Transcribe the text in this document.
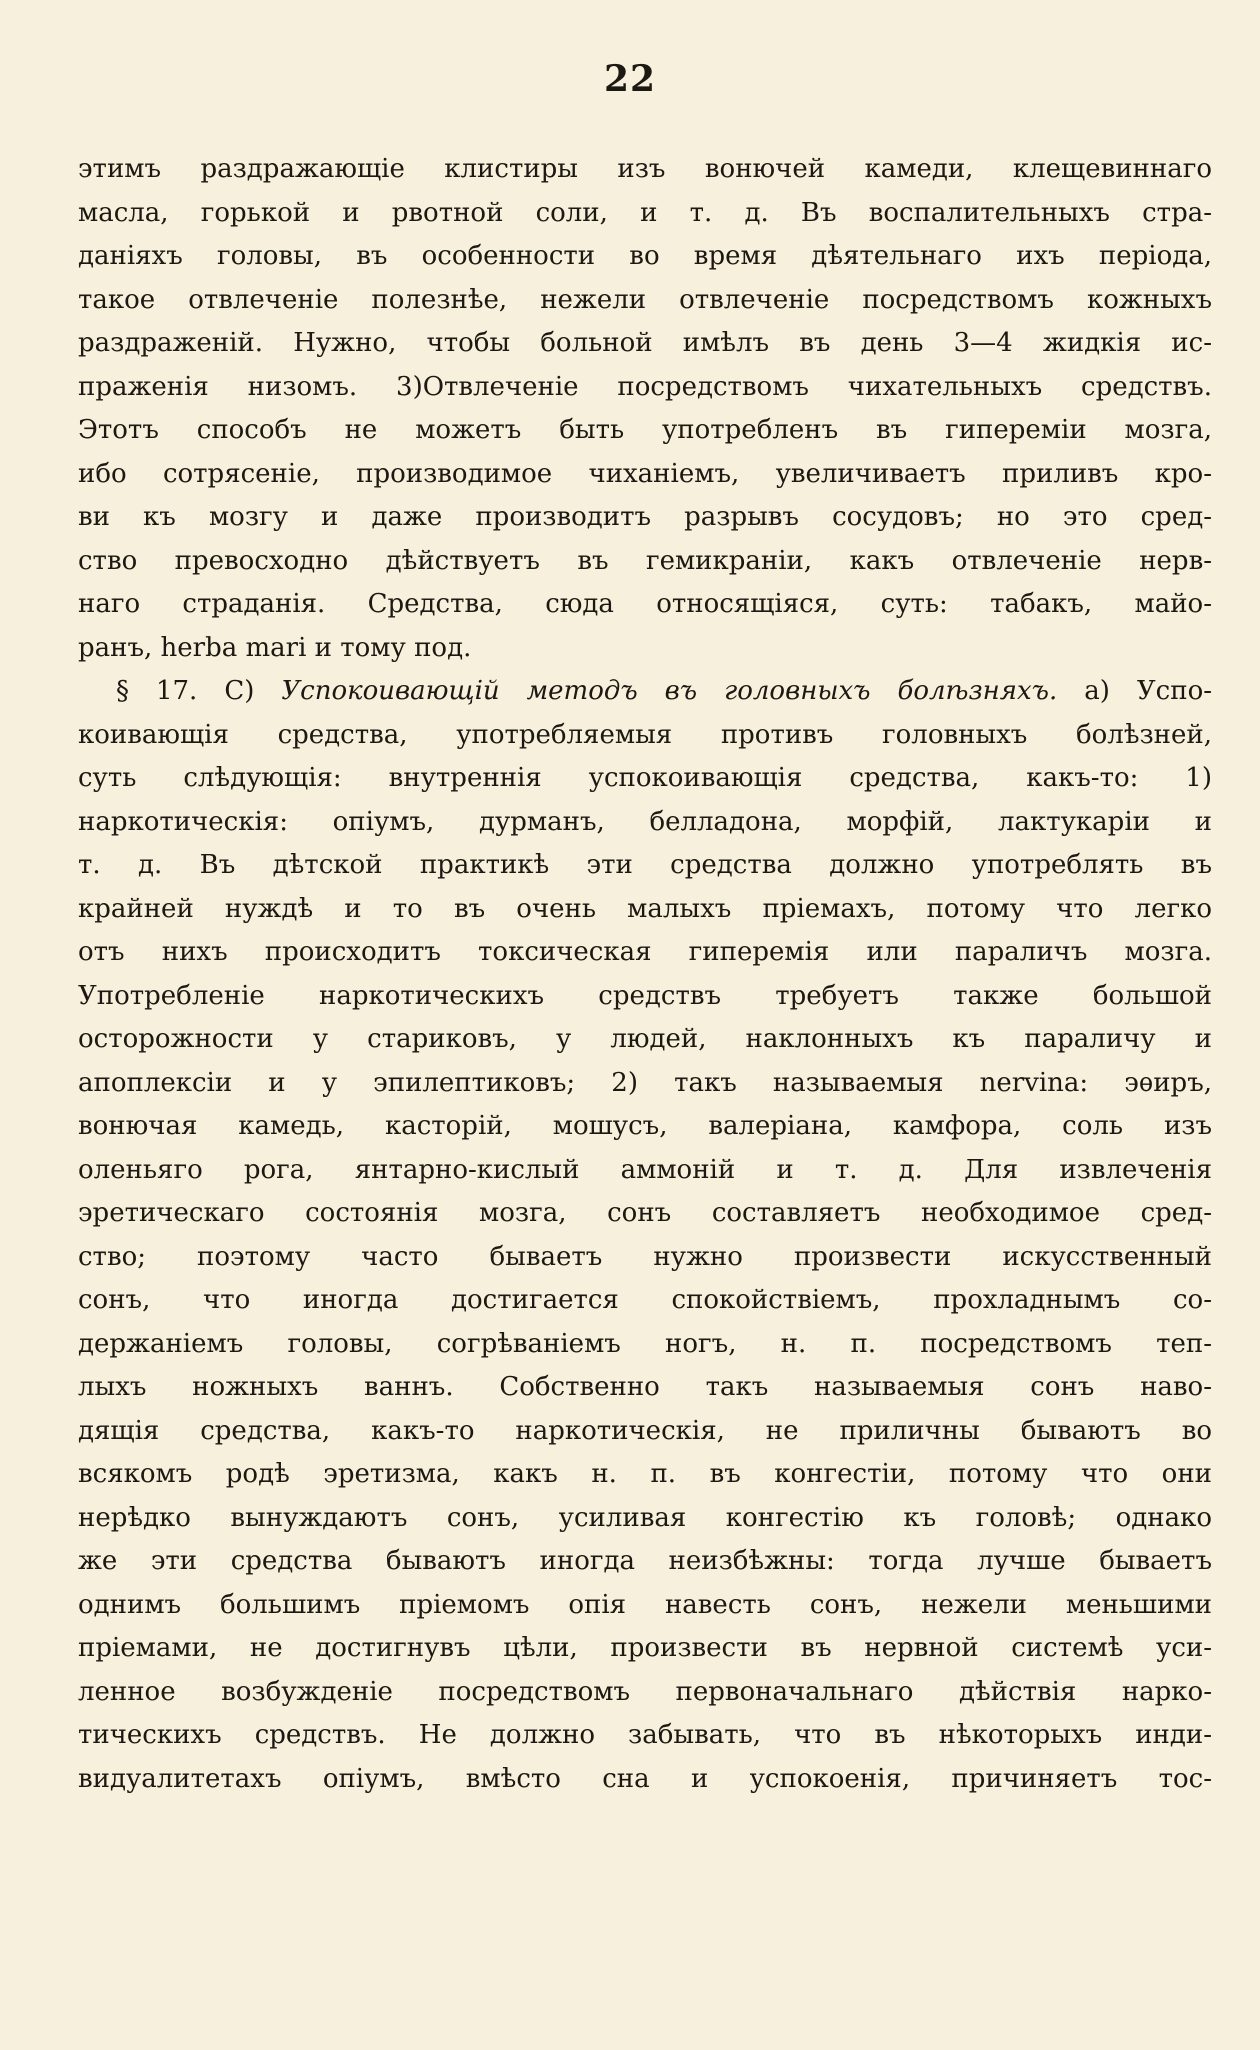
22
этимъ раздражающіе клистиры изъ вонючей камеди, клещевиннаго
масла, горькой и рвотной соли, и т. д. Въ воспалительныхъ стра-
даніяхъ головы, въ особенности во время дѣятельнаго ихъ періода,
такое отвлеченіе полезнѣе, нежели отвлеченіе посредствомъ кожныхъ
раздраженій. Нужно, чтобы больной имѣлъ въ день 3—4 жидкія ис-
праженія низомъ. 3)Отвлеченіе посредствомъ чихательныхъ средствъ.
Этотъ способъ не можетъ быть употребленъ въ гипереміи мозга,
ибо сотрясеніе, производимое чиханіемъ, увеличиваетъ приливъ кро-
ви къ мозгу и даже производитъ разрывъ сосудовъ; но это сред-
ство превосходно дѣйствуетъ въ гемикраніи, какъ отвлеченіе нерв-
наго страданія. Средства, сюда относящіяся, суть: табакъ, майо-
ранъ, herba mari и тому под.
§ 17. C) Успокоивающій методъ въ головныхъ болѣзняхъ. а) Успо-
коивающія средства, употребляемыя противъ головныхъ болѣзней,
суть слѣдующія: внутреннія успокоивающія средства, какъ-то: 1)
наркотическія: опіумъ, дурманъ, белладона, морфій, лактукаріи и
т. д. Въ дѣтской практикѣ эти средства должно употреблять въ
крайней нуждѣ и то въ очень малыхъ пріемахъ, потому что легко
отъ нихъ происходитъ токсическая гиперемія или параличъ мозга.
Употребленіе наркотическихъ средствъ требуетъ также большой
осторожности у стариковъ, у людей, наклонныхъ къ параличу и
апоплексіи и у эпилептиковъ; 2) такъ называемыя nervina: эѳиръ,
вонючая камедь, касторій, мошусъ, валеріана, камфора, соль изъ
оленьяго рога, янтарно-кислый аммоній и т. д. Для извлеченія
эретическаго состоянія мозга, сонъ составляетъ необходимое сред-
ство; поэтому часто бываетъ нужно произвести искусственный
сонъ, что иногда достигается спокойствіемъ, прохладнымъ со-
держаніемъ головы, согрѣваніемъ ногъ, н. п. посредствомъ теп-
лыхъ ножныхъ ваннъ. Собственно такъ называемыя сонъ наво-
дящія средства, какъ-то наркотическія, не приличны бываютъ во
всякомъ родѣ эретизма, какъ н. п. въ конгестіи, потому что они
нерѣдко вынуждаютъ сонъ, усиливая конгестію къ головѣ; однако
же эти средства бываютъ иногда неизбѣжны: тогда лучше бываетъ
однимъ большимъ пріемомъ опія навесть сонъ, нежели меньшими
пріемами, не достигнувъ цѣли, произвести въ нервной системѣ уси-
ленное возбужденіе посредствомъ первоначальнаго дѣйствія нарко-
тическихъ средствъ. Не должно забывать, что въ нѣкоторыхъ инди-
видуалитетахъ опіумъ, вмѣсто сна и успокоенія, причиняетъ тос-
